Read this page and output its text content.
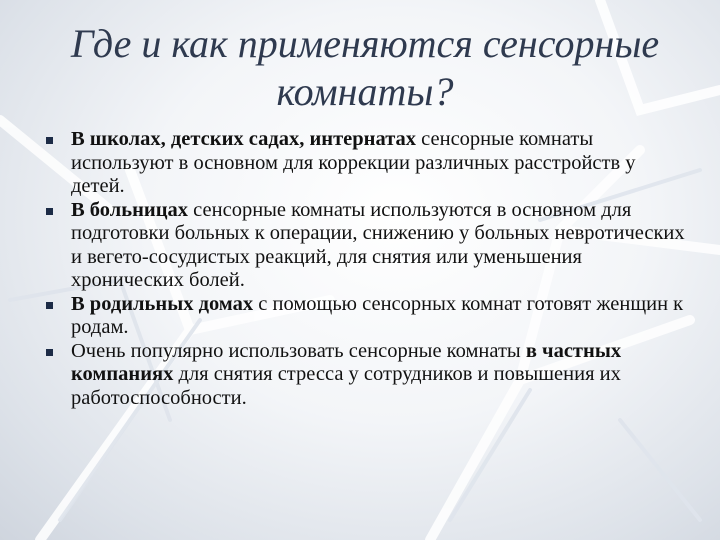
Где и как применяются сенсорные
комнаты?
В школах, детских садах, интернатах сенсорные комнаты используют в основном для коррекции различных расстройств у детей.
В больницах сенсорные комнаты используются в основном для подготовки больных к операции, снижению у больных невротических и вегето-сосудистых реакций, для снятия или уменьшения хронических болей.
В родильных домах с помощью сенсорных комнат готовят женщин к родам.
Очень популярно использовать сенсорные комнаты в частных компаниях для снятия стресса у сотрудников и повышения их работоспособности.
